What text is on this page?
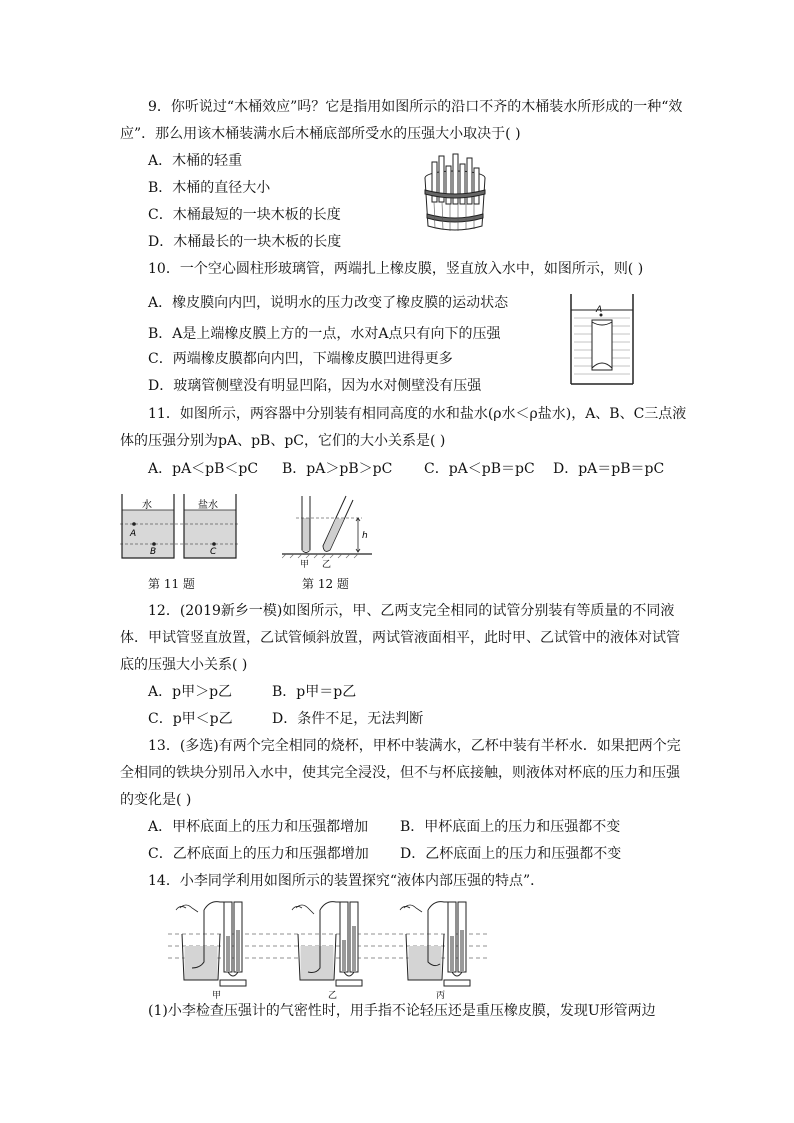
9．你听说过“木桶效应”吗？它是指用如图所示的沿口不齐的木桶装水所形成的一种“效
应”．那么用该木桶装满水后木桶底部所受水的压强大小取决于( )
A．木桶的轻重
B．木桶的直径大小
C．木桶最短的一块木板的长度
D．木桶最长的一块木板的长度
10．一个空心圆柱形玻璃管，两端扎上橡皮膜，竖直放入水中，如图所示，则( )
A．橡皮膜向内凹，说明水的压力改变了橡皮膜的运动状态
B．A是上端橡皮膜上方的一点，水对A点只有向下的压强
C．两端橡皮膜都向内凹，下端橡皮膜凹进得更多
D．玻璃管侧壁没有明显凹陷，因为水对侧壁没有压强
A
11．如图所示，两容器中分别装有相同高度的水和盐水(ρ水＜ρ盐水)，A、B、C三点液
体的压强分别为pA、pB、pC，它们的大小关系是( )
A．pA＜pB＜pC B．pA＞pB＞pC C．pA＜pB＝pC D．pA＝pB＝pC
水	盐水
A
B	C
第 11 题
h
甲 乙
第 12 题
12．(2019新乡一模)如图所示，甲、乙两支完全相同的试管分别装有等质量的不同液
体．甲试管竖直放置，乙试管倾斜放置，两试管液面相平，此时甲、乙试管中的液体对试管
底的压强大小关系( )
A．p甲＞p乙	B．p甲＝p乙
C．p甲＜p乙	D．条件不足，无法判断
13．(多选)有两个完全相同的烧杯，甲杯中装满水，乙杯中装有半杯水．如果把两个完
全相同的铁块分别吊入水中，使其完全浸没，但不与杯底接触，则液体对杯底的压力和压强
的变化是( )
A．甲杯底面上的压力和压强都增加 B．甲杯底面上的压力和压强都不变
C．乙杯底面上的压力和压强都增加 D．乙杯底面上的压力和压强都不变
14．小李同学利用如图所示的装置探究“液体内部压强的特点”．
甲	乙	丙
(1)小李检查压强计的气密性时，用手指不论轻压还是重压橡皮膜，发现U形管两边
